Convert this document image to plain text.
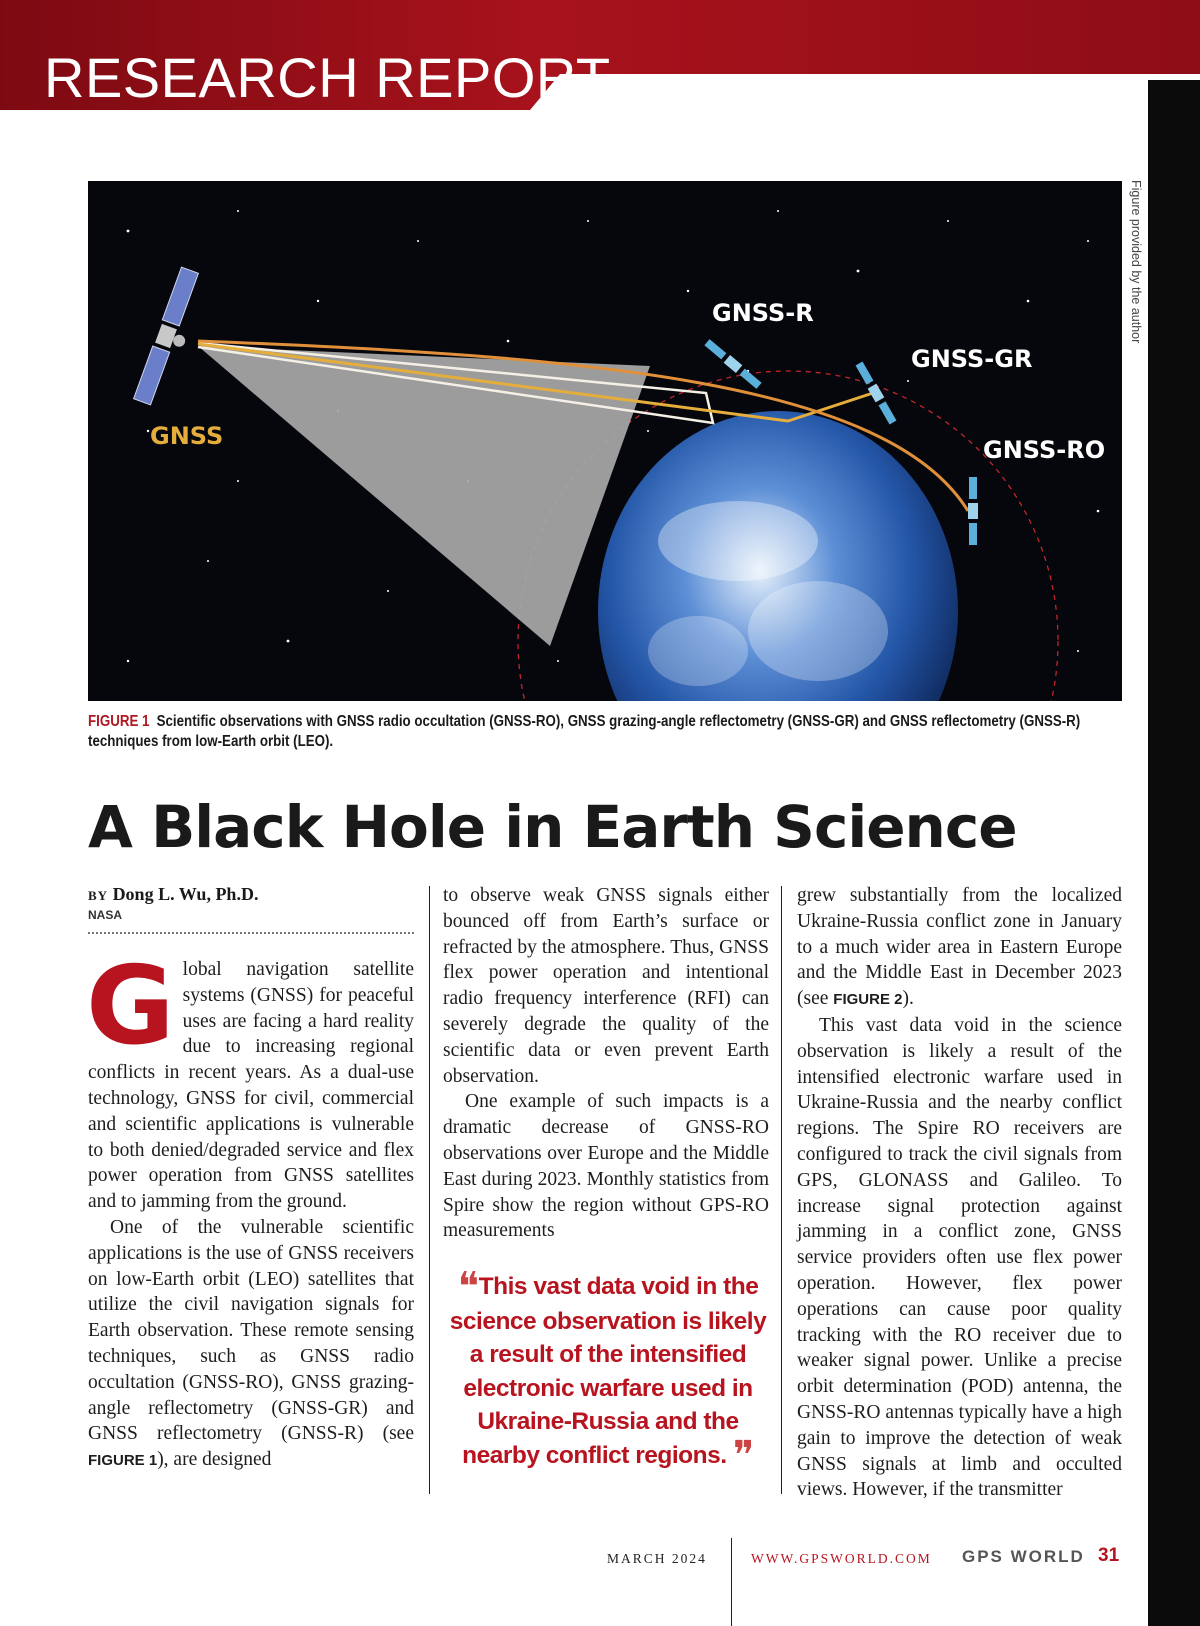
RESEARCH REPORT
Figure provided by the author
GNSS
GNSS-R
GNSS-GR
GNSS-RO
FIGURE 1 Scientific observations with GNSS radio occultation (GNSS-RO), GNSS grazing-angle reflectometry (GNSS-GR) and GNSS reflectometry (GNSS-R) techniques from low-Earth orbit (LEO).
A Black Hole in Earth Science
BY Dong L. Wu, Ph.D.
NASA

Global navigation satellite systems (GNSS) for peaceful uses are facing a hard reality due to increasing regional conflicts in recent years. As a dual-use technology, GNSS for civil, commercial and scientific applications is vulnerable to both denied/degraded service and flex power operation from GNSS satellites and to jamming from the ground.

One of the vulnerable scientific applications is the use of GNSS receivers on low-Earth orbit (LEO) satellites that utilize the civil navigation signals for Earth observation. These remote sensing techniques, such as GNSS radio occultation (GNSS-RO), GNSS grazing-angle reflectometry (GNSS-GR) and GNSS reflectometry (GNSS-R) (see FIGURE 1), are designed

to observe weak GNSS signals either bounced off from Earth’s surface or refracted by the atmosphere. Thus, GNSS flex power operation and intentional radio frequency interference (RFI) can severely degrade the quality of the scientific data or even prevent Earth observation.

One example of such impacts is a dramatic decrease of GNSS-RO observations over Europe and the Middle East during 2023. Monthly statistics from Spire show the region without GPS-RO measurements

❝This vast data void in the science observation is likely a result of the intensified electronic warfare used in Ukraine-Russia and the nearby conflict regions. ❞

grew substantially from the localized Ukraine-Russia conflict zone in January to a much wider area in Eastern Europe and the Middle East in December 2023 (see FIGURE 2).

This vast data void in the science observation is likely a result of the intensified electronic warfare used in Ukraine-Russia and the nearby conflict regions. The Spire RO receivers are configured to track the civil signals from GPS, GLONASS and Galileo. To increase signal protection against jamming in a conflict zone, GNSS service providers often use flex power operation. However, flex power operations can cause poor quality tracking with the RO receiver due to weaker signal power. Unlike a precise orbit determination (POD) antenna, the GNSS-RO antennas typically have a high gain to improve the detection of weak GNSS signals at limb and occulted views. However, if the transmitter

MARCH 2024	WWW.GPSWORLD.COM GPS WORLD 31
